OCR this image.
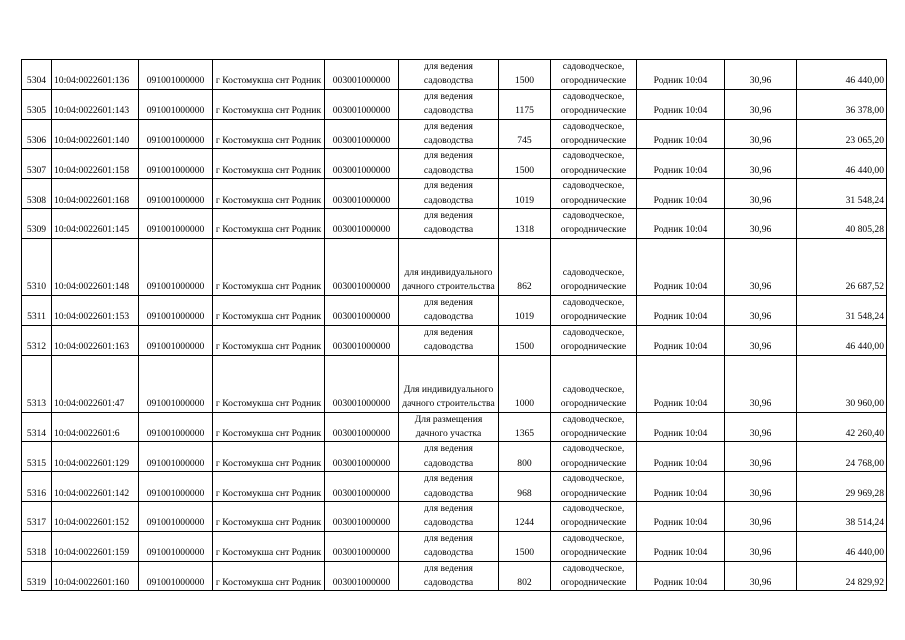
5304	10:04:0022601:136	091001000000	г Костомукша снт Родник	003001000000	для ведения садоводства	1500	садоводческое, огороднические	Родник 10:04	30,96	46 440,00
5305	10:04:0022601:143	091001000000	г Костомукша снт Родник	003001000000	для ведения садоводства	1175	садоводческое, огороднические	Родник 10:04	30,96	36 378,00
5306	10:04:0022601:140	091001000000	г Костомукша снт Родник	003001000000	для ведения садоводства	745	садоводческое, огороднические	Родник 10:04	30,96	23 065,20
5307	10:04:0022601:158	091001000000	г Костомукша снт Родник	003001000000	для ведения садоводства	1500	садоводческое, огороднические	Родник 10:04	30,96	46 440,00
5308	10:04:0022601:168	091001000000	г Костомукша снт Родник	003001000000	для ведения садоводства	1019	садоводческое, огороднические	Родник 10:04	30,96	31 548,24
5309	10:04:0022601:145	091001000000	г Костомукша снт Родник	003001000000	для ведения садоводства	1318	садоводческое, огороднические	Родник 10:04	30,96	40 805,28
5310	10:04:0022601:148	091001000000	г Костомукша снт Родник	003001000000	для индивидуального дачного строительства	862	садоводческое, огороднические	Родник 10:04	30,96	26 687,52
5311	10:04:0022601:153	091001000000	г Костомукша снт Родник	003001000000	для ведения садоводства	1019	садоводческое, огороднические	Родник 10:04	30,96	31 548,24
5312	10:04:0022601:163	091001000000	г Костомукша снт Родник	003001000000	для ведения садоводства	1500	садоводческое, огороднические	Родник 10:04	30,96	46 440,00
5313	10:04:0022601:47	091001000000	г Костомукша снт Родник	003001000000	Для индивидуального дачного строительства	1000	садоводческое, огороднические	Родник 10:04	30,96	30 960,00
5314	10:04:0022601:6	091001000000	г Костомукша снт Родник	003001000000	Для размещения дачного участка	1365	садоводческое, огороднические	Родник 10:04	30,96	42 260,40
5315	10:04:0022601:129	091001000000	г Костомукша снт Родник	003001000000	для ведения садоводства	800	садоводческое, огороднические	Родник 10:04	30,96	24 768,00
5316	10:04:0022601:142	091001000000	г Костомукша снт Родник	003001000000	для ведения садоводства	968	садоводческое, огороднические	Родник 10:04	30,96	29 969,28
5317	10:04:0022601:152	091001000000	г Костомукша снт Родник	003001000000	для ведения садоводства	1244	садоводческое, огороднические	Родник 10:04	30,96	38 514,24
5318	10:04:0022601:159	091001000000	г Костомукша снт Родник	003001000000	для ведения садоводства	1500	садоводческое, огороднические	Родник 10:04	30,96	46 440,00
5319	10:04:0022601:160	091001000000	г Костомукша снт Родник	003001000000	для ведения садоводства	802	садоводческое, огороднические	Родник 10:04	30,96	24 829,92
